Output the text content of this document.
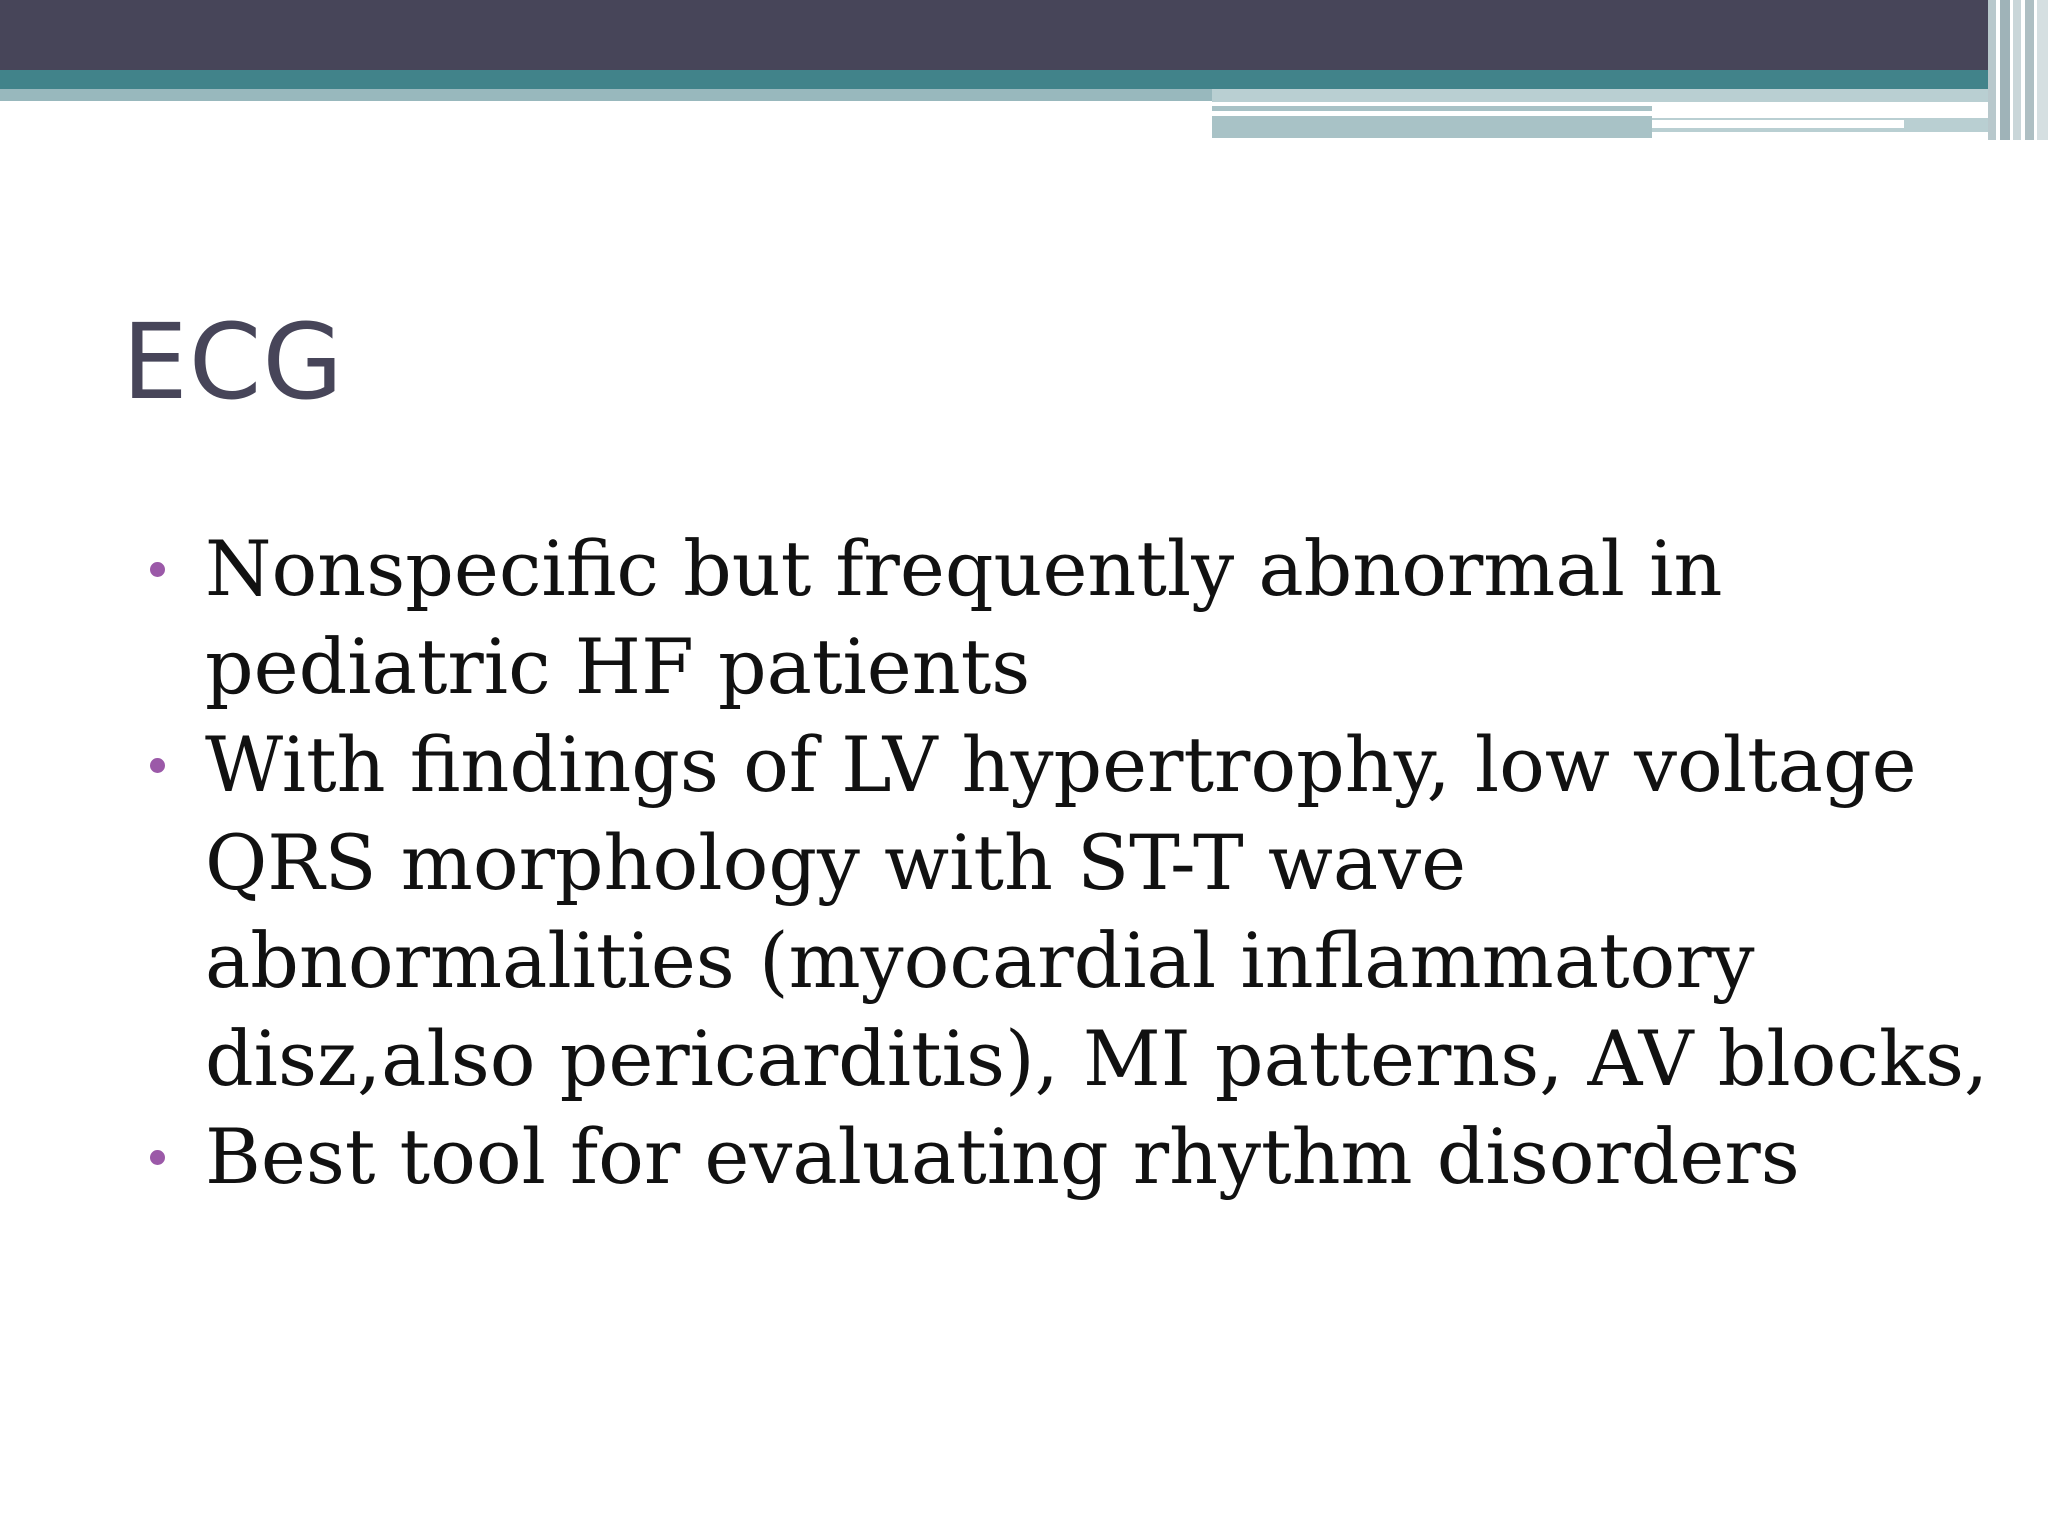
ECG
Nonspecific but frequently abnormal in pediatric HF patients
With findings of LV hypertrophy, low voltage QRS morphology with ST-T wave abnormalities (myocardial inflammatory disz,also pericarditis), MI patterns, AV blocks,
Best tool for evaluating rhythm disorders
